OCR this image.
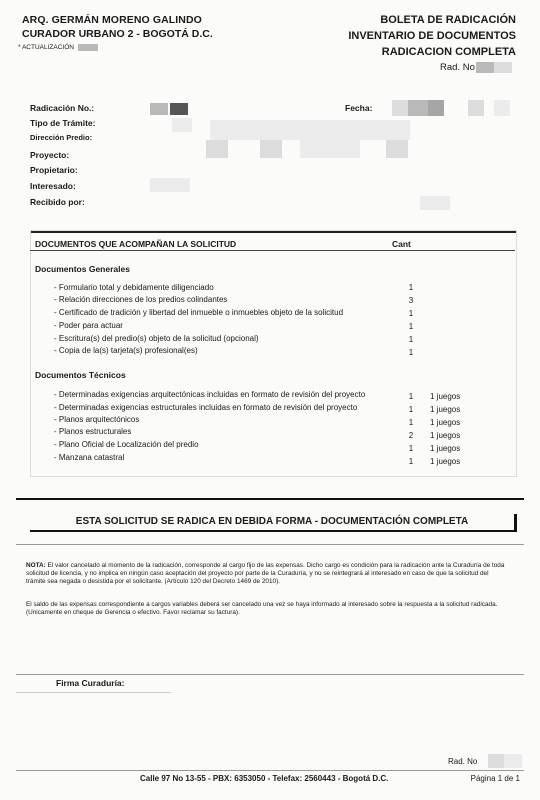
ARQ. GERMÁN MORENO GALINDO
CURADOR URBANO 2 - BOGOTÁ D.C.
* ACTUALIZACIÓN
BOLETA DE RADICACIÓN
INVENTARIO DE DOCUMENTOS
RADICACION COMPLETA
Rad. No
Radicación No.:	Fecha:
Tipo de Trámite:
Dirección Predio:
Proyecto:
Propietario:
Interesado:
Recibido por:
DOCUMENTOS QUE ACOMPAÑAN LA SOLICITUD	Cant
Documentos Generales
- Formulario total y debidamente diligenciado	1
- Relación direcciones de los predios colindantes	3
- Certificado de tradición y libertad del inmueble o inmuebles objeto de la solicitud	1
- Poder para actuar	1
- Escritura(s) del predio(s) objeto de la solicitud (opcional)	1
- Copia de la(s) tarjeta(s) profesional(es)	1
Documentos Técnicos
- Determinadas exigencias arquitectónicas incluidas en formato de revisión del proyecto	1 1 juegos
- Determinadas exigencias estructurales incluidas en formato de revisión del proyecto	1 1 juegos
- Planos arquitectónicos	1 1 juegos
- Planos estructurales	2 1 juegos
- Plano Oficial de Localización del predio	1 1 juegos
- Manzana catastral	1 1 juegos
ESTA SOLICITUD SE RADICA EN DEBIDA FORMA - DOCUMENTACIÓN COMPLETA
NOTA: El valor cancelado al momento de la radicación, corresponde al cargo fijo de las expensas. Dicho cargo es condición para la radicación ante la Curaduría de toda solicitud de licencia, y no implica en ningún caso aceptación del proyecto por parte de la Curaduría, y no se reintegrará al interesado en caso de que la solicitud del trámite sea negada o desistida por el solicitante. (Artículo 120 del Decreto 1469 de 2010).
El saldo de las expensas correspondiente a cargos variables deberá ser cancelado una vez se haya informado al interesado sobre la respuesta a la solicitud radicada.(Unicamente en cheque de Gerencia o efectivo. Favor reclamar su factura).
Firma Curaduría:
Rad. No
Calle 97 No 13-55 - PBX: 6353050 - Telefax: 2560443 - Bogotá D.C.	Página 1 de 1
